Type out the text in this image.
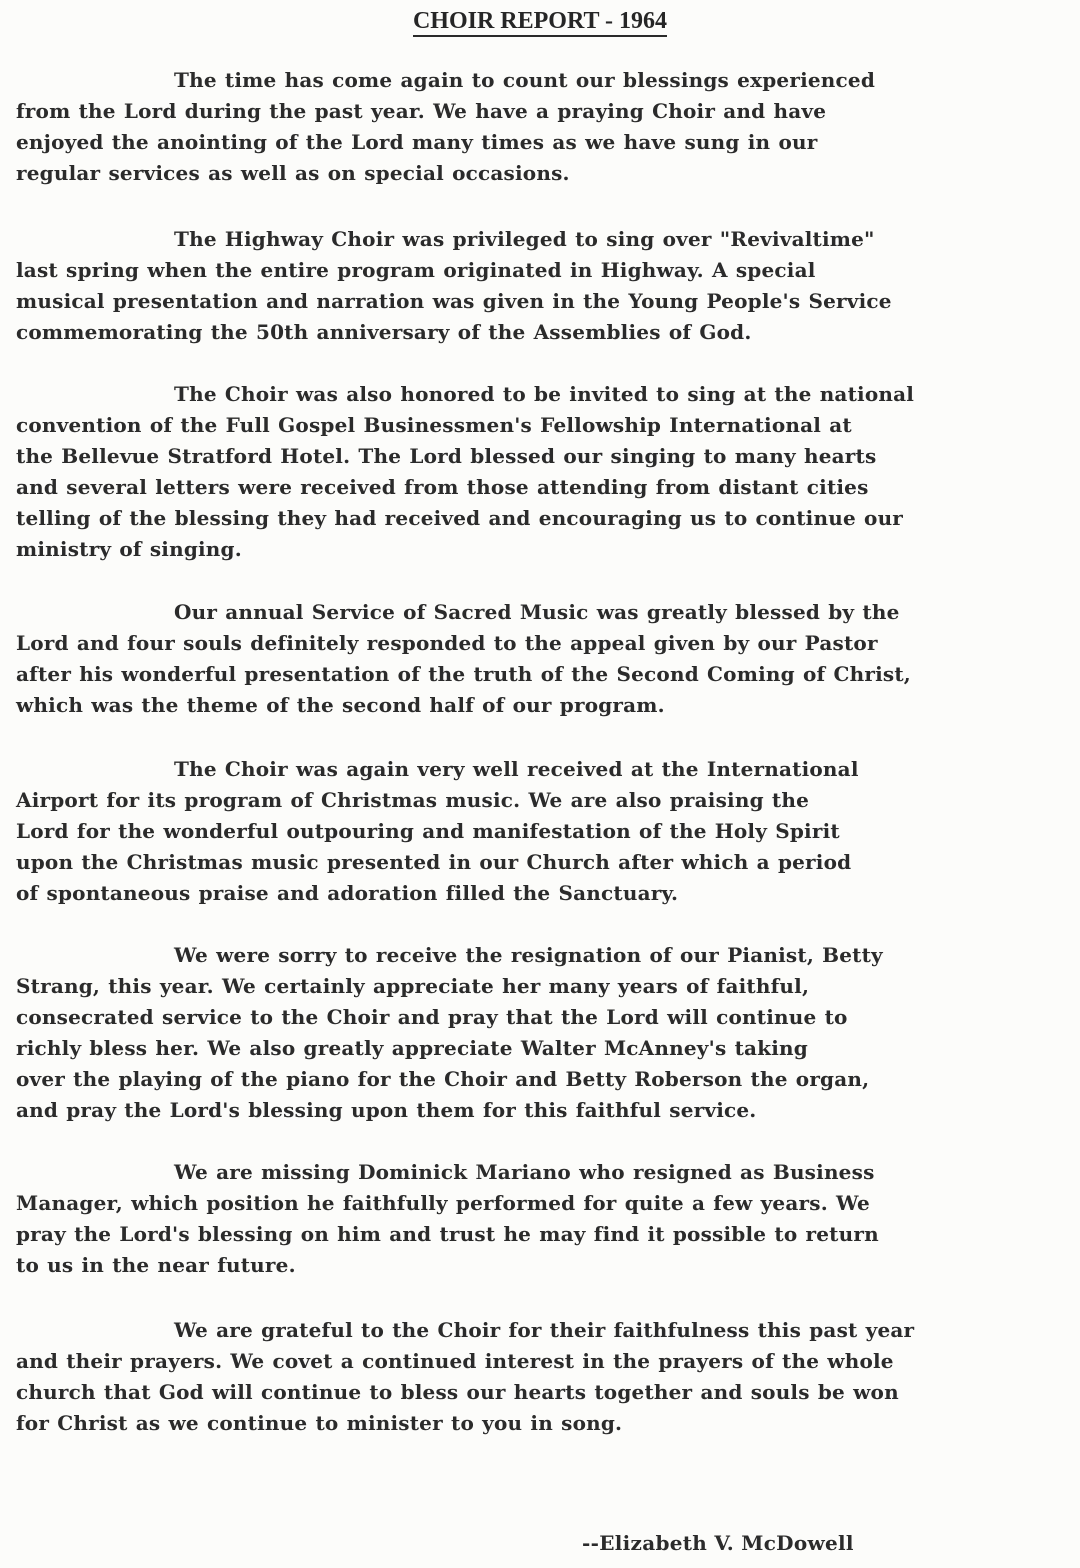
CHOIR REPORT - 1964

The time has come again to count our blessings experienced
from the Lord during the past year. We have a praying Choir and have
enjoyed the anointing of the Lord many times as we have sung in our
regular services as well as on special occasions.

The Highway Choir was privileged to sing over "Revivaltime"
last spring when the entire program originated in Highway. A special
musical presentation and narration was given in the Young People's Service
commemorating the 50th anniversary of the Assemblies of God.

The Choir was also honored to be invited to sing at the national
convention of the Full Gospel Businessmen's Fellowship International at
the Bellevue Stratford Hotel. The Lord blessed our singing to many hearts
and several letters were received from those attending from distant cities
telling of the blessing they had received and encouraging us to continue our
ministry of singing.

Our annual Service of Sacred Music was greatly blessed by the
Lord and four souls definitely responded to the appeal given by our Pastor
after his wonderful presentation of the truth of the Second Coming of Christ,
which was the theme of the second half of our program.

The Choir was again very well received at the International
Airport for its program of Christmas music. We are also praising the
Lord for the wonderful outpouring and manifestation of the Holy Spirit
upon the Christmas music presented in our Church after which a period
of spontaneous praise and adoration filled the Sanctuary.

We were sorry to receive the resignation of our Pianist, Betty
Strang, this year. We certainly appreciate her many years of faithful,
consecrated service to the Choir and pray that the Lord will continue to
richly bless her. We also greatly appreciate Walter McAnney's taking
over the playing of the piano for the Choir and Betty Roberson the organ,
and pray the Lord's blessing upon them for this faithful service.

We are missing Dominick Mariano who resigned as Business
Manager, which position he faithfully performed for quite a few years. We
pray the Lord's blessing on him and trust he may find it possible to return
to us in the near future.

We are grateful to the Choir for their faithfulness this past year
and their prayers. We covet a continued interest in the prayers of the whole
church that God will continue to bless our hearts together and souls be won
for Christ as we continue to minister to you in song.

--Elizabeth V. McDowell
